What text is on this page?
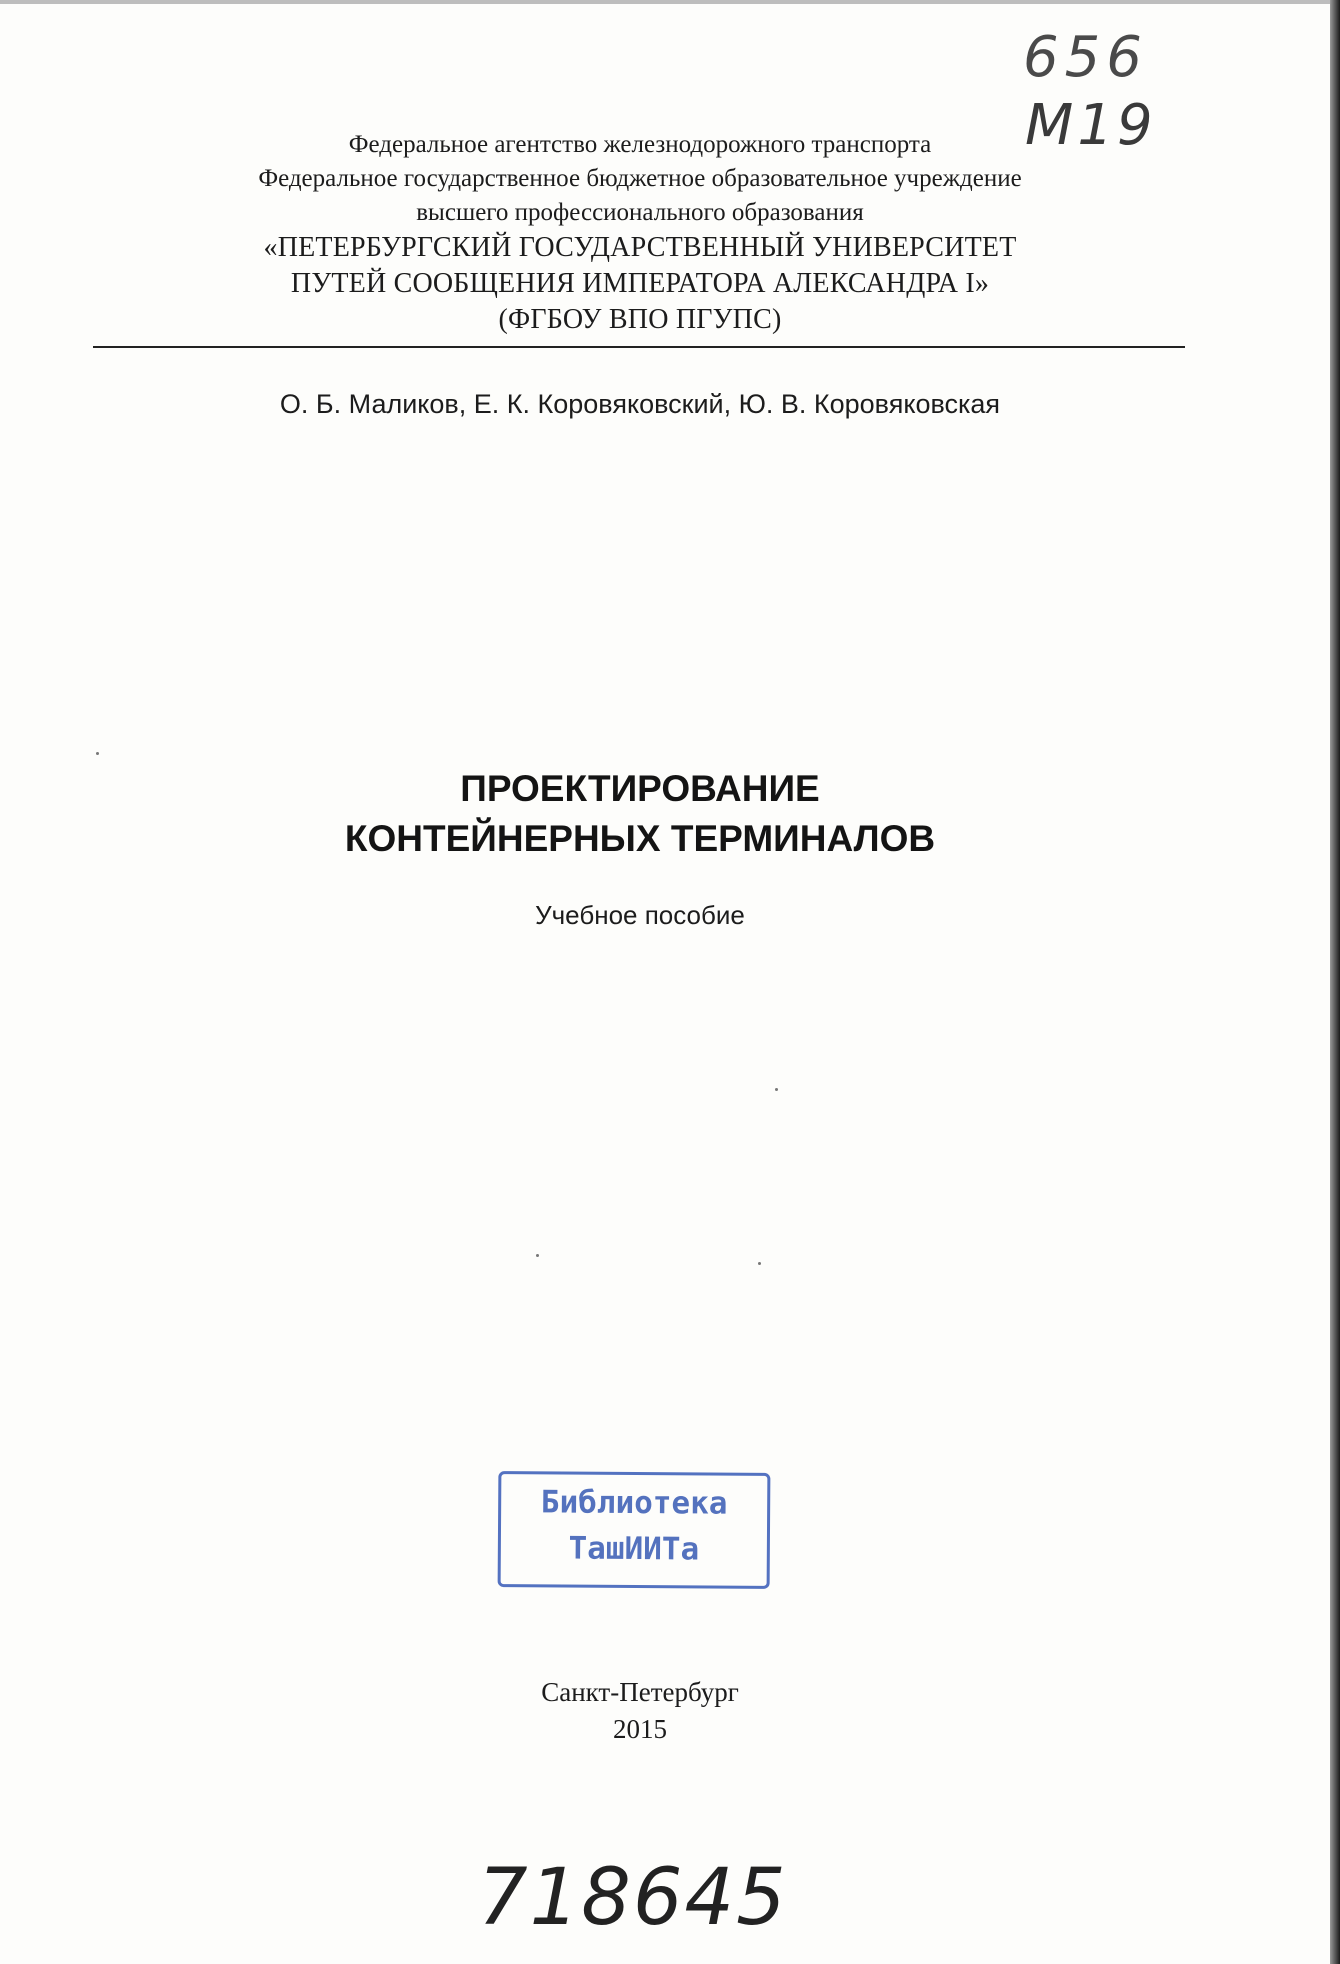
656
М19
Федеральное агентство железнодорожного транспорта
Федеральное государственное бюджетное образовательное учреждение
высшего профессионального образования
«ПЕТЕРБУРГСКИЙ ГОСУДАРСТВЕННЫЙ УНИВЕРСИТЕТ
ПУТЕЙ СООБЩЕНИЯ ИМПЕРАТОРА АЛЕКСАНДРА I»
(ФГБОУ ВПО ПГУПС)
О. Б. Маликов, Е. К. Коровяковский, Ю. В. Коровяковская
ПРОЕКТИРОВАНИЕ
КОНТЕЙНЕРНЫХ ТЕРМИНАЛОВ
Учебное пособие
Библиотека
ТашИИТа
Санкт-Петербург
2015
718645
